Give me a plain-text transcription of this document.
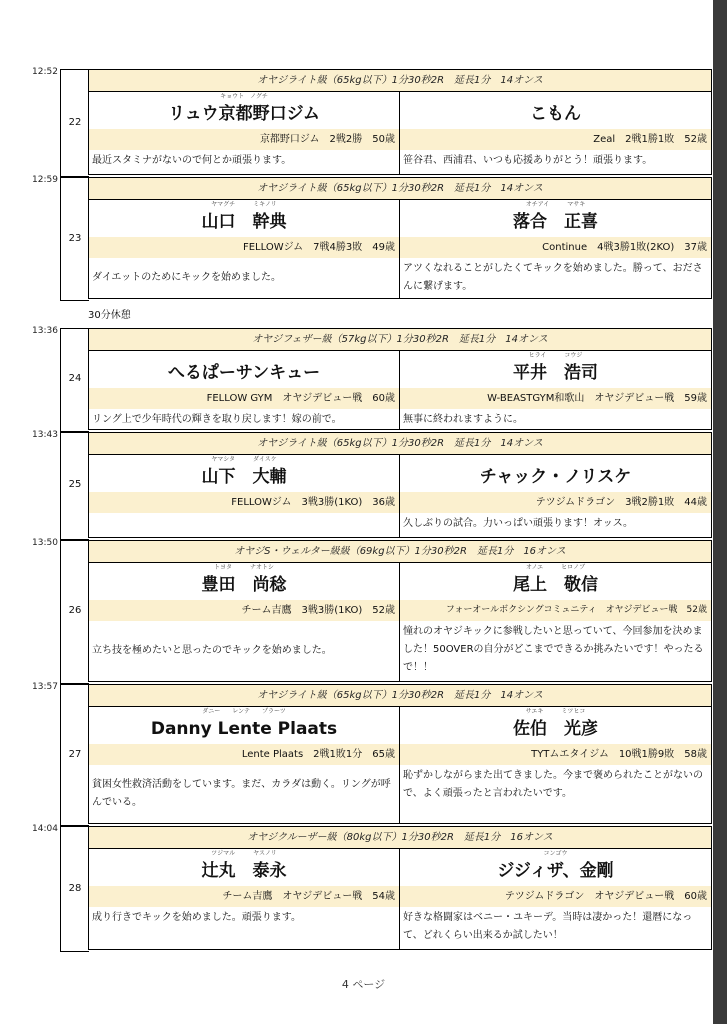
12:52
22
オヤジライト級（65kg以下）1分30秒2R　延長1分　14オンス
キョウト　ノグチ
リュウ京都野口ジム
京都野口ジム　2戦2勝　50歳
最近スタミナがないので何とか頑張ります。
こもん
Zeal　2戦1勝1敗　52歳
笹谷君、西浦君、いつも応援ありがとう！頑張ります。
12:59
23
オヤジライト級（65kg以下）1分30秒2R　延長1分　14オンス
ヤマグチ　　　ミキノリ
山口　幹典
FELLOWジム　7戦4勝3敗　49歳
ダイエットのためにキックを始めました。
オチアイ　　　マサキ
落合　正喜
Continue　4戦3勝1敗(2KO)　37歳
アツくなれることがしたくてキックを始めました。勝って、おださんに繋げます。
30分休憩
13:36
24
オヤジフェザー級（57kg以下）1分30秒2R　延長1分　14オンス
へるぱーサンキュー
FELLOW GYM　オヤジデビュー戦　60歳
リング上で少年時代の輝きを取り戻します！嫁の前で。
ヒライ　　　コウジ
平井　浩司
W-BEASTGYM和歌山　オヤジデビュー戦　59歳
無事に終われますように。
13:43
25
オヤジライト級（65kg以下）1分30秒2R　延長1分　14オンス
ヤマシタ　　　ダイスケ
山下　大輔
FELLOWジム　3戦3勝(1KO)　36歳
チャック・ノリスケ
テツジムドラゴン　3戦2勝1敗　44歳
久しぶりの試合。力いっぱい頑張ります！オッス。
13:50
26
オヤジS・ウェルター級級（69kg以下）1分30秒2R　延長1分　16オンス
トヨタ　　　ナオトシ
豊田　尚稔
チーム吉鷹　3戦3勝(1KO)　52歳
立ち技を極めたいと思ったのでキックを始めました。
オノエ　　　ヒロノブ
尾上　敬信
フォーオールボクシングコミュニティ　オヤジデビュー戦　52歳
憧れのオヤジキックに参戦したいと思っていて、今回参加を決めました！50OVERの自分がどこまでできるか挑みたいです！やったるで！！
13:57
27
オヤジライト級（65kg以下）1分30秒2R　延長1分　14オンス
ダニー　　レンテ　　プラーツ
Danny Lente Plaats
Lente Plaats　2戦1敗1分　65歳
貧困女性救済活動をしています。まだ、カラダは動く。リングが呼んでいる。
サエキ　　　ミツヒコ
佐伯　光彦
TYTムエタイジム　10戦1勝9敗　58歳
恥ずかしながらまた出てきました。今まで褒められたことがないので、よく頑張ったと言われたいです。
14:04
28
オヤジクルーザー級（80kg以下）1分30秒2R　延長1分　16オンス
ツジマル　　　ヤスノリ
辻丸　泰永
チーム吉鷹　オヤジデビュー戦　54歳
成り行きでキックを始めました。頑張ります。
コンゴウ
ジジィザ、金剛
テツジムドラゴン　オヤジデビュー戦　60歳
好きな格闘家はベニー・ユキーデ。当時は凄かった！還暦になって、どれくらい出来るか試したい！
4 ページ
